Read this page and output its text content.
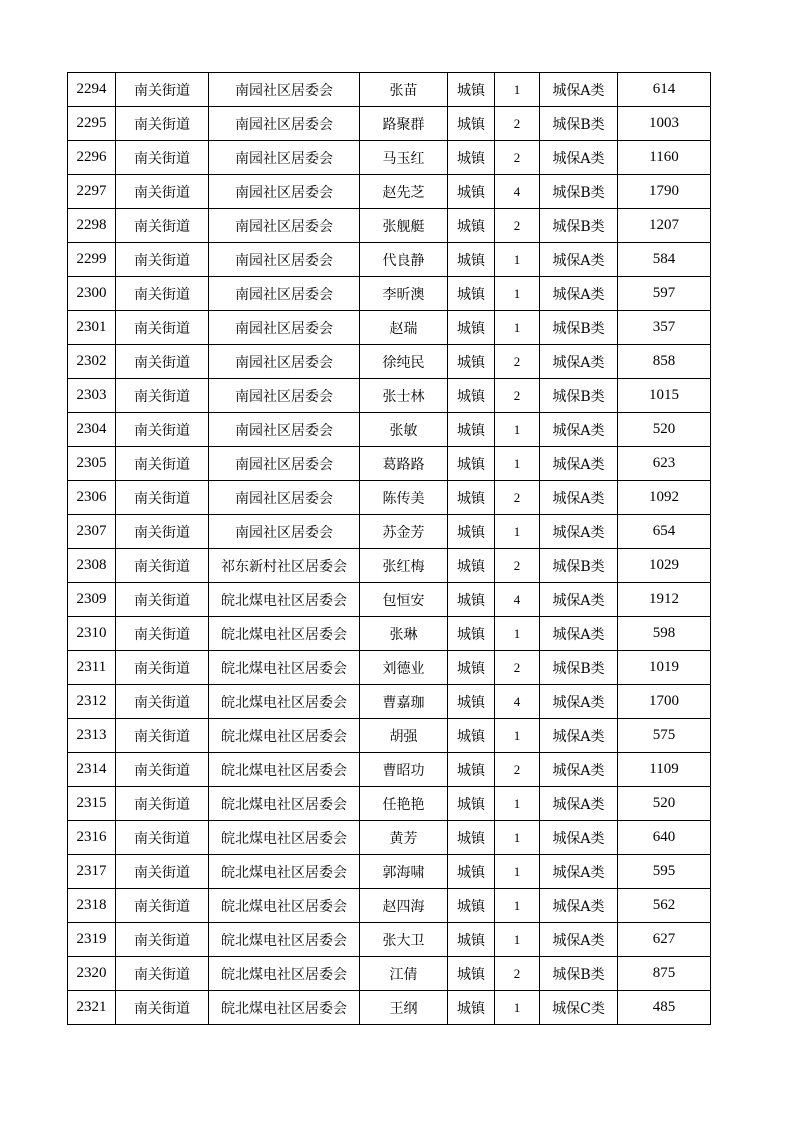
2294	南关街道	南园社区居委会	张苗	城镇	1	城保A类	614
2295	南关街道	南园社区居委会	路聚群	城镇	2	城保B类	1003
2296	南关街道	南园社区居委会	马玉红	城镇	2	城保A类	1160
2297	南关街道	南园社区居委会	赵先芝	城镇	4	城保B类	1790
2298	南关街道	南园社区居委会	张舰艇	城镇	2	城保B类	1207
2299	南关街道	南园社区居委会	代良静	城镇	1	城保A类	584
2300	南关街道	南园社区居委会	李昕澳	城镇	1	城保A类	597
2301	南关街道	南园社区居委会	赵瑞	城镇	1	城保B类	357
2302	南关街道	南园社区居委会	徐纯民	城镇	2	城保A类	858
2303	南关街道	南园社区居委会	张士林	城镇	2	城保B类	1015
2304	南关街道	南园社区居委会	张敏	城镇	1	城保A类	520
2305	南关街道	南园社区居委会	葛路路	城镇	1	城保A类	623
2306	南关街道	南园社区居委会	陈传美	城镇	2	城保A类	1092
2307	南关街道	南园社区居委会	苏金芳	城镇	1	城保A类	654
2308	南关街道	祁东新村社区居委会	张红梅	城镇	2	城保B类	1029
2309	南关街道	皖北煤电社区居委会	包恒安	城镇	4	城保A类	1912
2310	南关街道	皖北煤电社区居委会	张琳	城镇	1	城保A类	598
2311	南关街道	皖北煤电社区居委会	刘德业	城镇	2	城保B类	1019
2312	南关街道	皖北煤电社区居委会	曹嘉珈	城镇	4	城保A类	1700
2313	南关街道	皖北煤电社区居委会	胡强	城镇	1	城保A类	575
2314	南关街道	皖北煤电社区居委会	曹昭功	城镇	2	城保A类	1109
2315	南关街道	皖北煤电社区居委会	任艳艳	城镇	1	城保A类	520
2316	南关街道	皖北煤电社区居委会	黄芳	城镇	1	城保A类	640
2317	南关街道	皖北煤电社区居委会	郭海啸	城镇	1	城保A类	595
2318	南关街道	皖北煤电社区居委会	赵四海	城镇	1	城保A类	562
2319	南关街道	皖北煤电社区居委会	张大卫	城镇	1	城保A类	627
2320	南关街道	皖北煤电社区居委会	江倩	城镇	2	城保B类	875
2321	南关街道	皖北煤电社区居委会	王纲	城镇	1	城保C类	485
